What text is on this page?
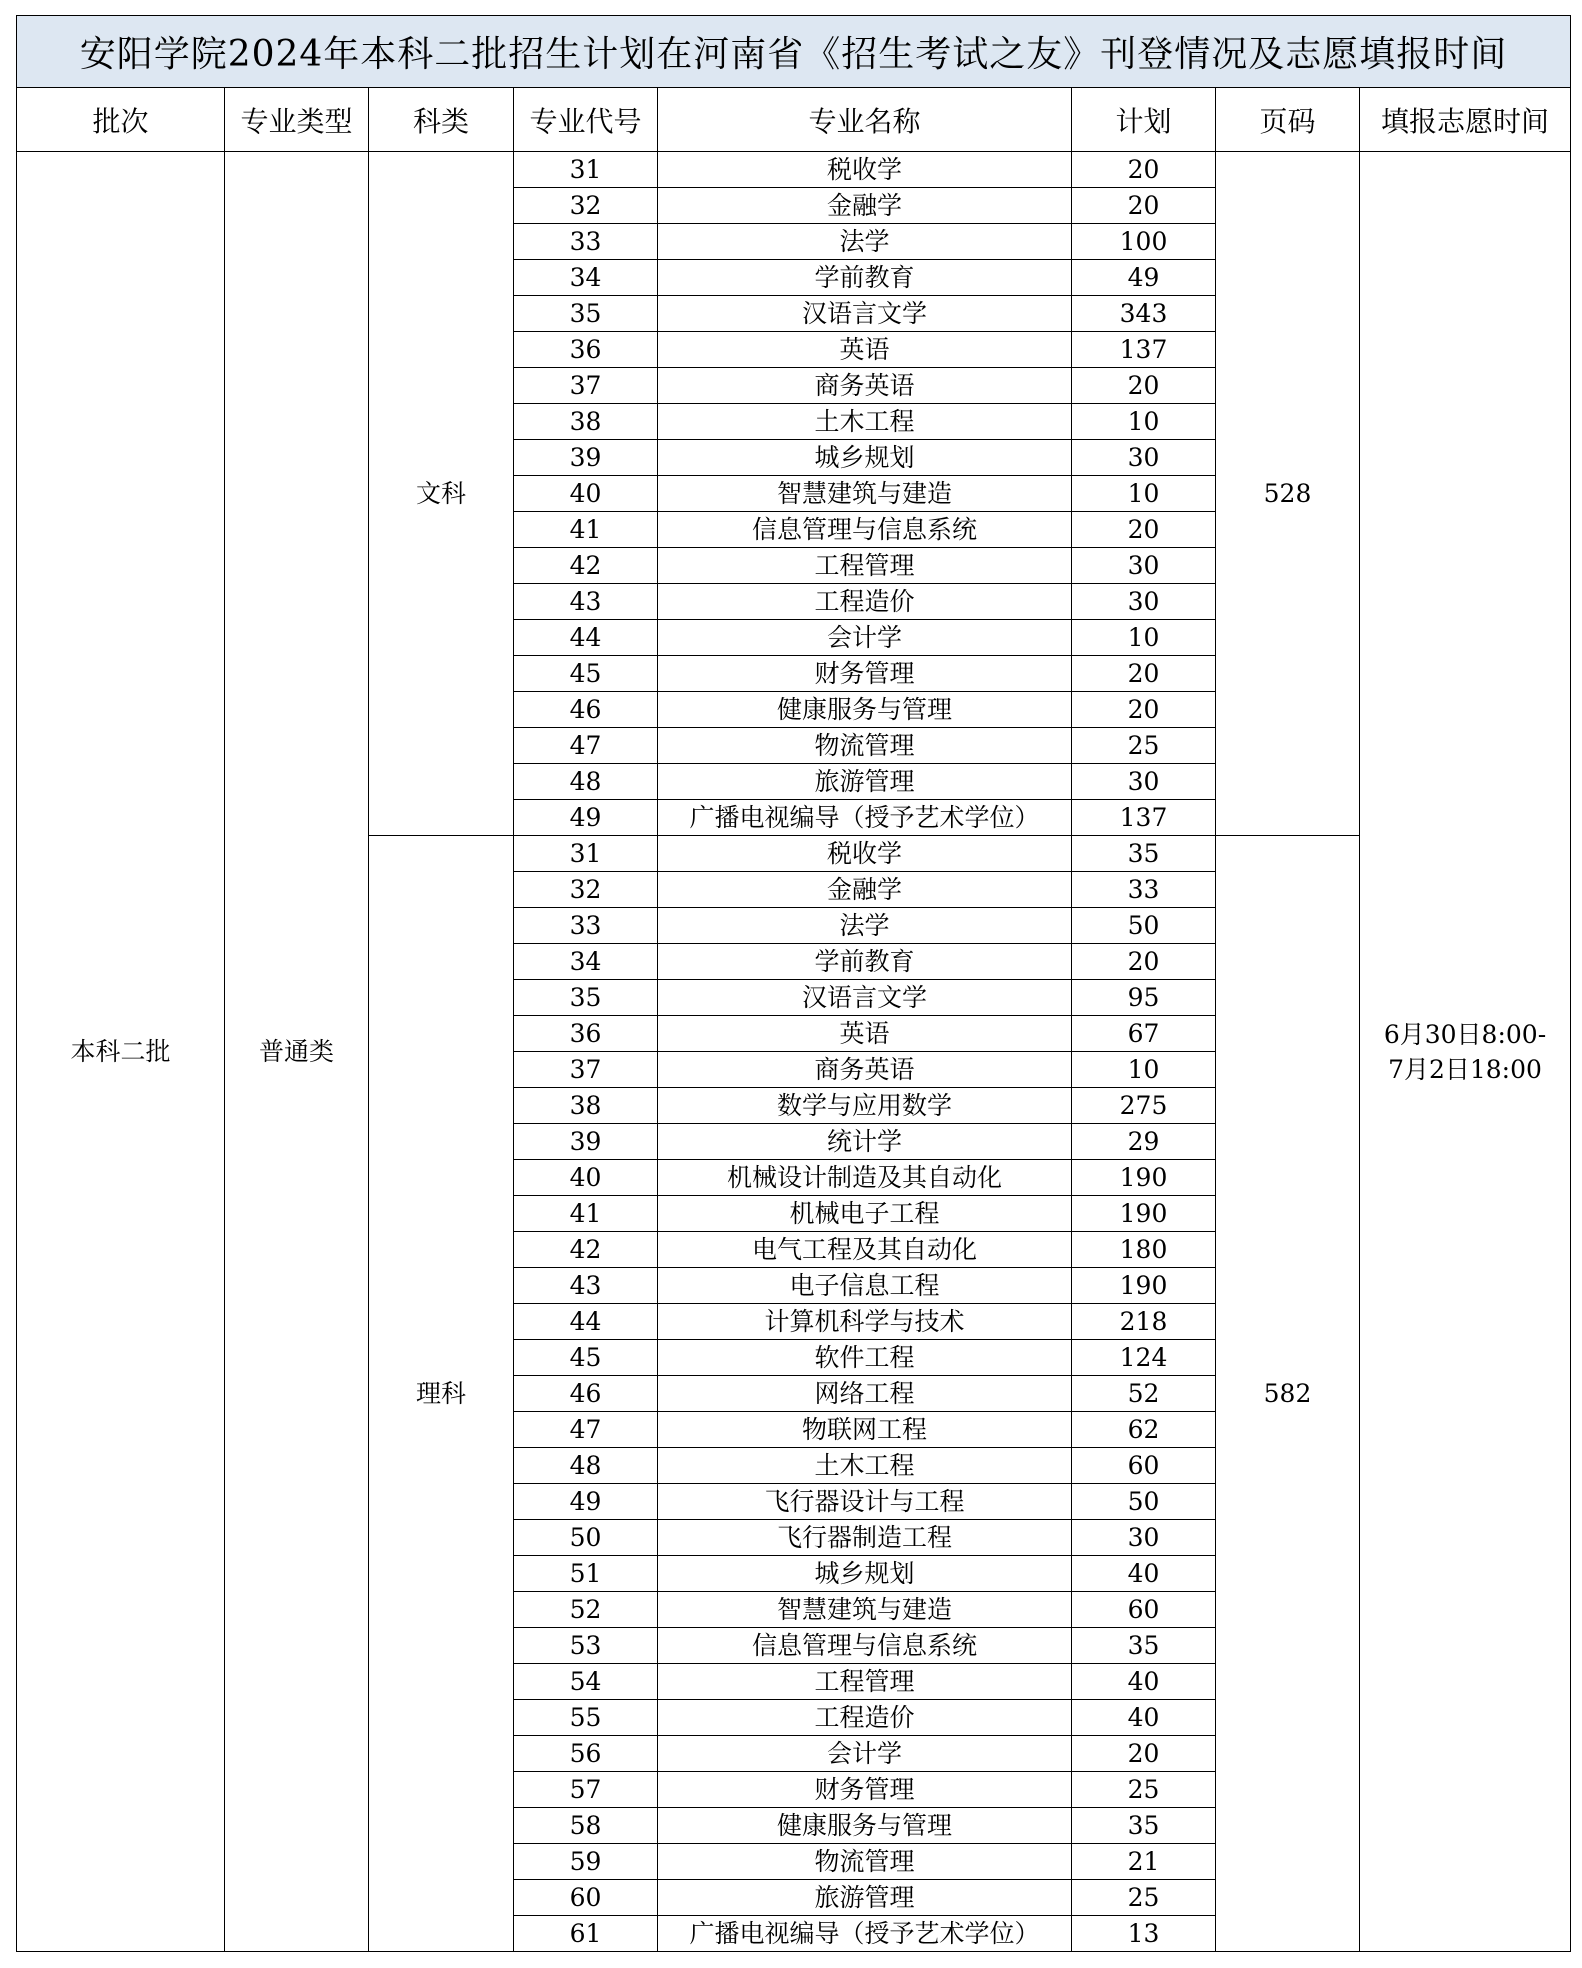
安阳学院2024年本科二批招生计划在河南省《招生考试之友》刊登情况及志愿填报时间							
批次	专业类型	科类	专业代号	专业名称	计划	页码	填报志愿时间
本科二批	普通类	文科	31	税收学	20	528	6月30日8:00-
7月2日18:00
			32	金融学	20		
			33	法学	100		
			34	学前教育	49		
			35	汉语言文学	343		
			36	英语	137		
			37	商务英语	20		
			38	土木工程	10		
			39	城乡规划	30		
			40	智慧建筑与建造	10		
			41	信息管理与信息系统	20		
			42	工程管理	30		
			43	工程造价	30		
			44	会计学	10		
			45	财务管理	20		
			46	健康服务与管理	20		
			47	物流管理	25		
			48	旅游管理	30		
			49	广播电视编导（授予艺术学位）	137		
		理科	31	税收学	35	582	
			32	金融学	33		
			33	法学	50		
			34	学前教育	20		
			35	汉语言文学	95		
			36	英语	67		
			37	商务英语	10		
			38	数学与应用数学	275		
			39	统计学	29		
			40	机械设计制造及其自动化	190		
			41	机械电子工程	190		
			42	电气工程及其自动化	180		
			43	电子信息工程	190		
			44	计算机科学与技术	218		
			45	软件工程	124		
			46	网络工程	52		
			47	物联网工程	62		
			48	土木工程	60		
			49	飞行器设计与工程	50		
			50	飞行器制造工程	30		
			51	城乡规划	40		
			52	智慧建筑与建造	60		
			53	信息管理与信息系统	35		
			54	工程管理	40		
			55	工程造价	40		
			56	会计学	20		
			57	财务管理	25		
			58	健康服务与管理	35		
			59	物流管理	21		
			60	旅游管理	25		
			61	广播电视编导（授予艺术学位）	13		
